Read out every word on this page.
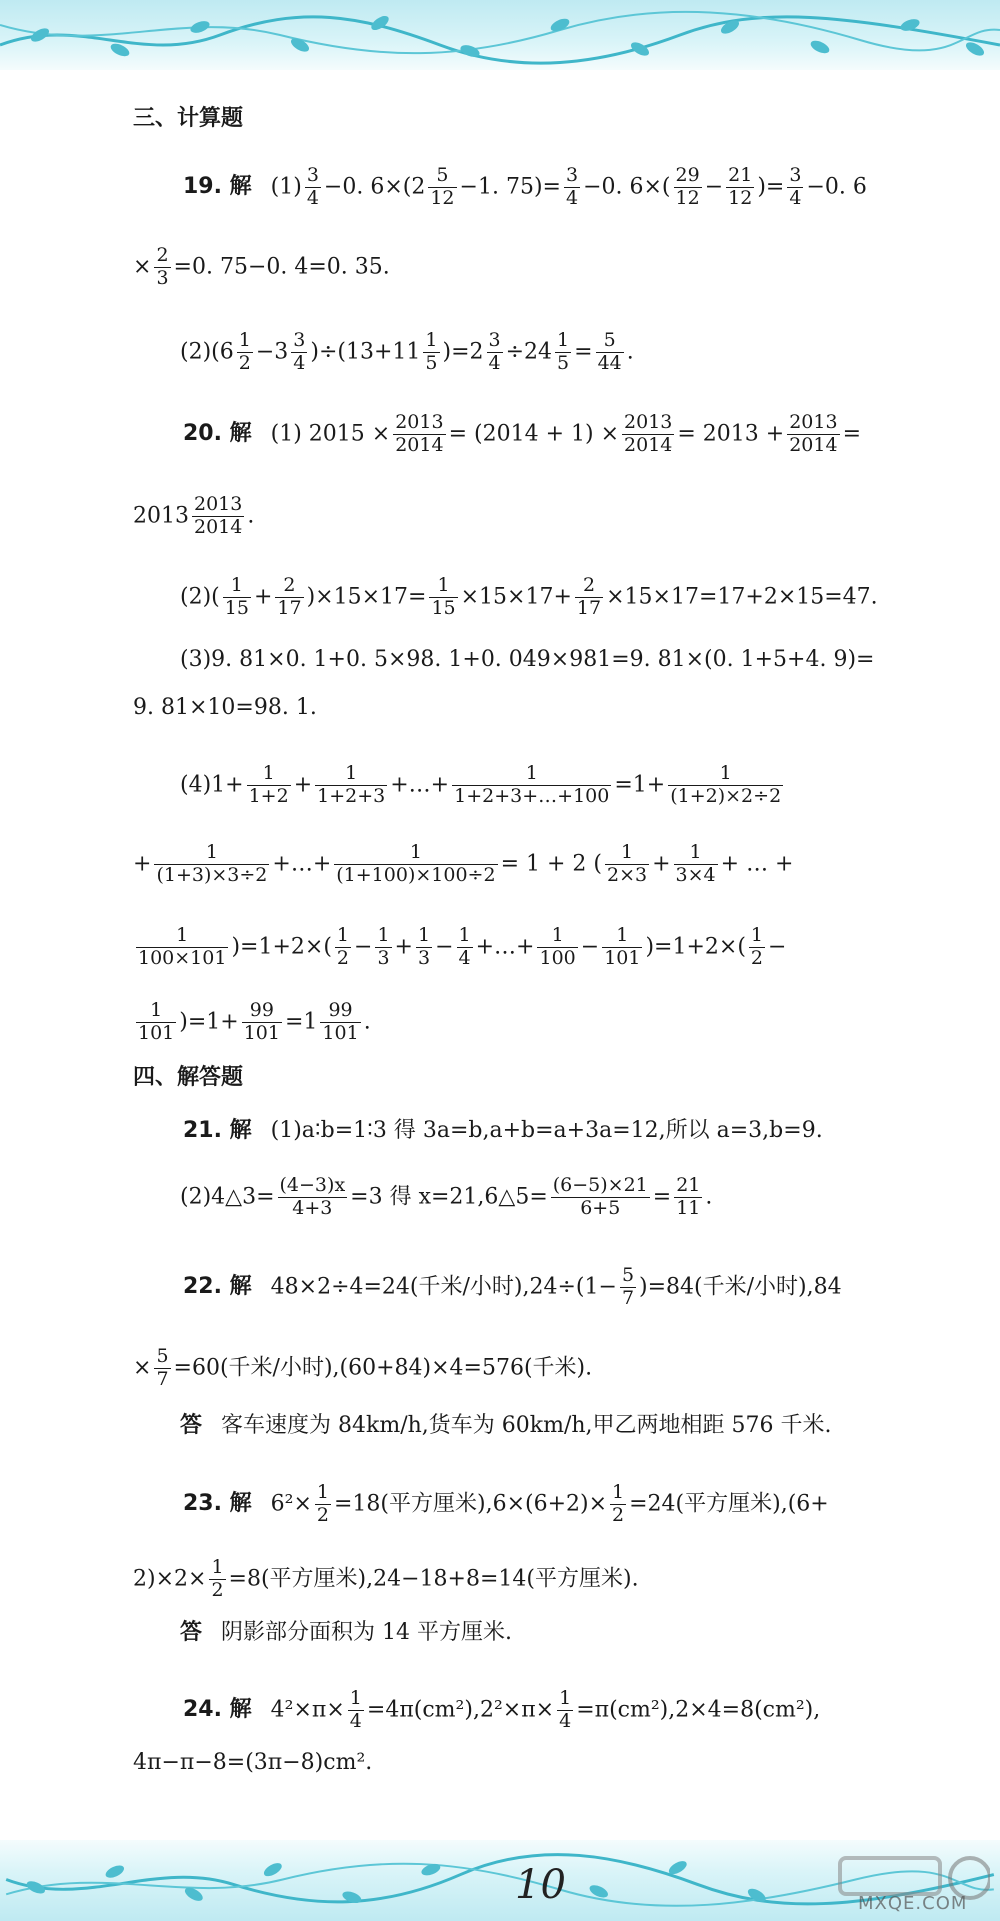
三、计算题
19. 解 $(1) \frac{3}{4} -0$. $6\times(2 \frac{5}{12} -1$. $75)= \frac{3}{4} -0$. $6\times( \frac{29}{12} - \frac{21}{12}$ )= $\frac{3}{4} -0$. 6
× $\frac{2}{3} =0$. 75−0. 4=0. 35.
$(2)(6 \frac{1}{2} -3 \frac{3}{4} )\div(13+11 \frac{1}{5} )=2 \frac{3}{4} \div 24 \frac{1}{5} = \frac{5}{44}$ .
20. 解 (1) $2015 \times \frac{2013}{2014} = (2014 + 1) \times \frac{2013}{2014} = 2013 + \frac{2013}{2014}$ =
$2013 \frac{2013}{2014}$ .
$(2)( \frac{1}{15} + \frac{2}{17} )\times 15\times 17= \frac{1}{15} \times 15\times 17+ \frac{2}{17} \times 15\times 17=17+2\times 15=47$.
(3)9. 81×0. 1+0. 5×98. 1+0. 049×981=9. 81×(0. 1+5+4. 9)=
9. 81×10=98. 1.
$(4)1+ \frac{1}{1+2} + \frac{1}{1+2+3}$ +…+ $\frac{1}{1+2+3+\dots+100} =1+ \frac{1}{(1+2)\times 2\div 2}$
+ $\frac{1}{(1+3)\times 3\div 2}$ +…+ $\frac{1}{(1+100)\times 100\div 2} = 1 + 2$ ( $\frac{1}{2\times 3} + \frac{1}{3\times 4}$ + … +
$\frac{1}{100\times 101} )=1+2\times( \frac{1}{2} - \frac{1}{3} + \frac{1}{3} - \frac{1}{4}$ +…+ $\frac{1}{100} - \frac{1}{101} )=1+2\times( \frac{1}{2}$ −
$\frac{1}{101} )=1+ \frac{99}{101} =1 \frac{99}{101}$ .
四、解答题
21. 解 (1)a∶b=1∶3 得 3a=b,a+b=a+3a=12,所以 a=3,b=9.
(2)4△3= $\frac{(4-3)x}{4+3} =3$ 得 x=21,6△5= $\frac{(6-5)\times 21}{6+5} = \frac{21}{11}$ .
22. 解 48×2÷4=24(千米/小时)$,24\div(1- \frac{5}{7} )=84$(千米/小时),84
× $\frac{5}{7} =60$(千米/小时),(60+84)×4=576(千米).
答 客车速度为 84km/h,货车为 60km/h,甲乙两地相距 576 千米.
23. 解 $6^2\times \frac{1}{2} =18$(平方厘米)$,6\times(6+2)\times \frac{1}{2} =24$(平方厘米),(6+
$2)\times 2\times \frac{1}{2} =8$(平方厘米),24−18+8=14(平方厘米).
答 阴影部分面积为 14 平方厘米.
24. 解 $4^2\times\pi\times \frac{1}{4} =4\pi(cm^2),2^2\times\pi\times \frac{1}{4} =\pi(cm^2),2\times 4=8(cm^2)$,
4π−π−8=(3π−8)cm².
10	MXQE.COM
